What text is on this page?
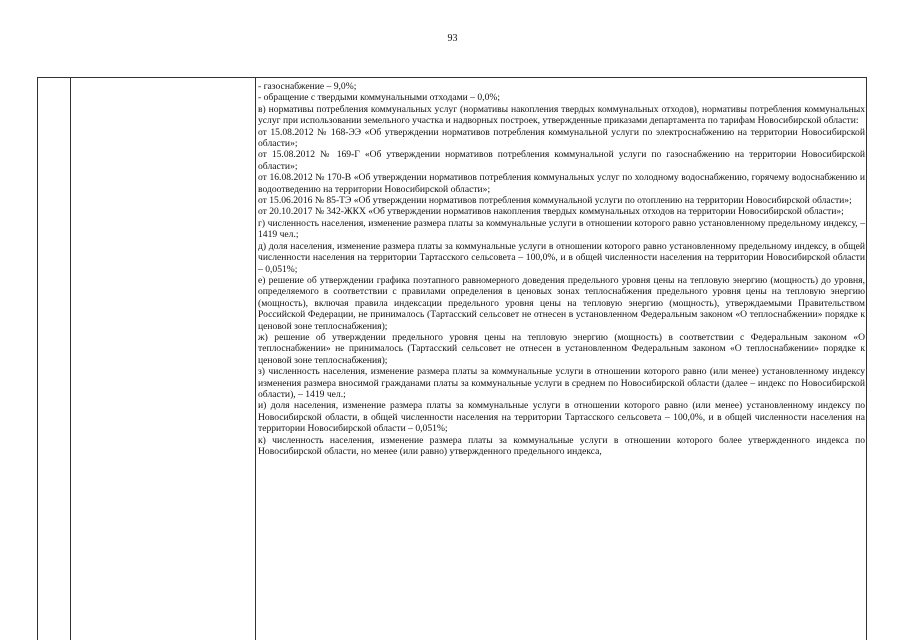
93

- газоснабжение – 9,0%;

- обращение с твердыми коммунальными отходами – 0,0%;

в) нормативы потребления коммунальных услуг (нормативы накопления твердых коммунальных отходов), нормативы потребления коммунальных услуг при использовании земельного участка и надворных построек, утвержденные приказами департамента по тарифам Новосибирской области:

от 15.08.2012 № 168-ЭЭ «Об утверждении нормативов потребления коммунальной услуги по электроснабжению на территории Новосибирской области»;

от 15.08.2012 № 169-Г «Об утверждении нормативов потребления коммунальной услуги по газоснабжению на территории Новосибирской области»;

от 16.08.2012 № 170-В «Об утверждении нормативов потребления коммунальных услуг по холодному водоснабжению, горячему водоснабжению и водоотведению на территории Новосибирской области»;

от 15.06.2016 № 85-ТЭ «Об утверждении нормативов потребления коммунальной услуги по отоплению на территории Новосибирской области»;

от 20.10.2017 № 342-ЖКХ «Об утверждении нормативов накопления твердых коммунальных отходов на территории Новосибирской области»;

г) численность населения, изменение размера платы за коммунальные услуги в отношении которого равно установленному предельному индексу, – 1419 чел.;

д) доля населения, изменение размера платы за коммунальные услуги в отношении которого равно установленному предельному индексу, в общей численности населения на территории Тартасского сельсовета – 100,0%, и в общей численности населения на территории Новосибирской области – 0,051%;

е) решение об утверждении графика поэтапного равномерного доведения предельного уровня цены на тепловую энергию (мощность) до уровня, определяемого в соответствии с правилами определения в ценовых зонах теплоснабжения предельного уровня цены на тепловую энергию (мощность), включая правила индексации предельного уровня цены на тепловую энергию (мощность), утверждаемыми Правительством Российской Федерации, не принималось (Тартасский сельсовет не отнесен в установленном Федеральным законом «О теплоснабжении» порядке к ценовой зоне теплоснабжения);

ж) решение об утверждении предельного уровня цены на тепловую энергию (мощность) в соответствии с Федеральным законом «О теплоснабжении» не принималось (Тартасский сельсовет не отнесен в установленном Федеральным законом «О теплоснабжении» порядке к ценовой зоне теплоснабжения);

з) численность населения, изменение размера платы за коммунальные услуги в отношении которого равно (или менее) установленному индексу изменения размера вносимой гражданами платы за коммунальные услуги в среднем по Новосибирской области (далее – индекс по Новосибирской области), – 1419 чел.;

и) доля населения, изменение размера платы за коммунальные услуги в отношении которого равно (или менее) установленному индексу по Новосибирской области, в общей численности населения на территории Тартасского сельсовета – 100,0%, и в общей численности населения на территории Новосибирской области – 0,051%;

к) численность населения, изменение размера платы за коммунальные услуги в отношении которого более утвержденного индекса по Новосибирской области, но менее (или равно) утвержденного предельного индекса,
